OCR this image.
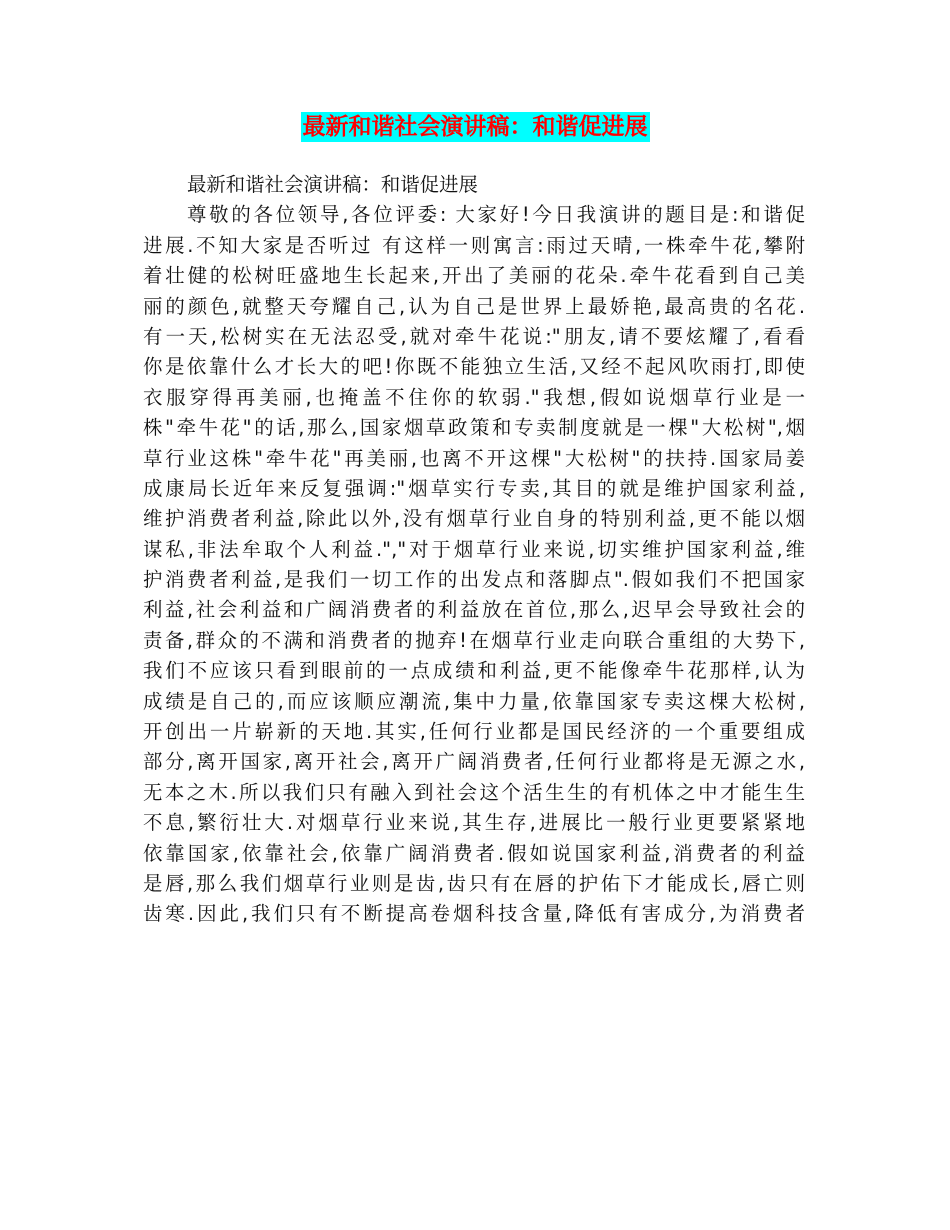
最新和谐社会演讲稿：和谐促进展
最新和谐社会演讲稿：和谐促进展
尊敬的各位领导,各位评委: 大家好!今日我演讲的题目是:和谐促
进展.不知大家是否听过 有这样一则寓言:雨过天晴,一株牵牛花,攀附
着壮健的松树旺盛地生长起来,开出了美丽的花朵.牵牛花看到自己美
丽的颜色,就整天夸耀自己,认为自己是世界上最娇艳,最高贵的名花.
有一天,松树实在无法忍受,就对牵牛花说:"朋友,请不要炫耀了,看看
你是依靠什么才长大的吧!你既不能独立生活,又经不起风吹雨打,即使
衣服穿得再美丽,也掩盖不住你的软弱."我想,假如说烟草行业是一
株"牵牛花"的话,那么,国家烟草政策和专卖制度就是一棵"大松树",烟
草行业这株"牵牛花"再美丽,也离不开这棵"大松树"的扶持.国家局姜
成康局长近年来反复强调:"烟草实行专卖,其目的就是维护国家利益,
维护消费者利益,除此以外,没有烟草行业自身的特别利益,更不能以烟
谋私,非法牟取个人利益.","对于烟草行业来说,切实维护国家利益,维
护消费者利益,是我们一切工作的出发点和落脚点".假如我们不把国家
利益,社会利益和广阔消费者的利益放在首位,那么,迟早会导致社会的
责备,群众的不满和消费者的抛弃!在烟草行业走向联合重组的大势下,
我们不应该只看到眼前的一点成绩和利益,更不能像牵牛花那样,认为
成绩是自己的,而应该顺应潮流,集中力量,依靠国家专卖这棵大松树,
开创出一片崭新的天地.其实,任何行业都是国民经济的一个重要组成
部分,离开国家,离开社会,离开广阔消费者,任何行业都将是无源之水,
无本之木.所以我们只有融入到社会这个活生生的有机体之中才能生生
不息,繁衍壮大.对烟草行业来说,其生存,进展比一般行业更要紧紧地
依靠国家,依靠社会,依靠广阔消费者.假如说国家利益,消费者的利益
是唇,那么我们烟草行业则是齿,齿只有在唇的护佑下才能成长,唇亡则
齿寒.因此,我们只有不断提高卷烟科技含量,降低有害成分,为消费者
